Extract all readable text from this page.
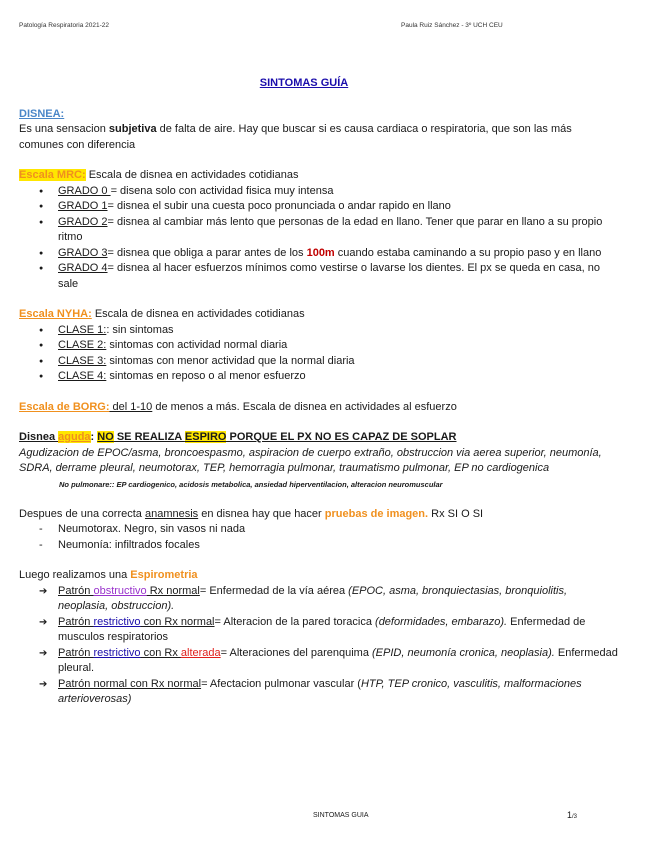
Patología Respiratoria 2021-22	Paula Ruiz Sánchez - 3º UCH CEU
SINTOMAS GUÍA
DISNEA:
Es una sensacion subjetiva de falta de aire. Hay que buscar si es causa cardiaca o respiratoria, que son las más comunes con diferencia
Escala MRC: Escala de disnea en actividades cotidianas
● GRADO 0 = disena solo con actividad fisica muy intensa
● GRADO 1= disnea el subir una cuesta poco pronunciada o andar rapido en llano
● GRADO 2= disnea al cambiar más lento que personas de la edad en llano. Tener que parar en llano a su propio ritmo
● GRADO 3= disnea que obliga a parar antes de los 100m cuando estaba caminando a su propio paso y en llano
● GRADO 4= disnea al hacer esfuerzos mínimos como vestirse o lavarse los dientes. El px se queda en casa, no sale
Escala NYHA: Escala de disnea en actividades cotidianas
● CLASE 1:: sin sintomas
● CLASE 2: sintomas con actividad normal diaria
● CLASE 3: sintomas con menor actividad que la normal diaria
● CLASE 4: sintomas en reposo o al menor esfuerzo
Escala de BORG: del 1-10 de menos a más. Escala de disnea en actividades al esfuerzo
Disnea aguda: NO SE REALIZA ESPIRO PORQUE EL PX NO ES CAPAZ DE SOPLAR
Agudizacion de EPOC/asma, broncoespasmo, aspiracion de cuerpo extraño, obstruccion via aerea superior, neumonía, SDRA, derrame pleural, neumotorax, TEP, hemorragia pulmonar, traumatismo pulmonar, EP no cardiogenica
No pulmonare:: EP cardiogenico, acidosis metabolica, ansiedad hiperventilacion, alteracion neuromuscular
Despues de una correcta anamnesis en disnea hay que hacer pruebas de imagen. Rx SI O SI
- Neumotorax. Negro, sin vasos ni nada
- Neumonía: infiltrados focales
Luego realizamos una Espirometria
➔ Patrón obstructivo Rx normal= Enfermedad de la vía aérea (EPOC, asma, bronquiectasias, bronquiolitis, neoplasia, obstruccion).
➔ Patrón restrictivo con Rx normal= Alteracion de la pared toracica (deformidades, embarazo). Enfermedad de musculos respiratorios
➔ Patrón restrictivo con Rx alterada= Alteraciones del parenquima (EPID, neumonía cronica, neoplasia). Enfermedad pleural.
➔ Patrón normal con Rx normal= Afectacion pulmonar vascular (HTP, TEP cronico, vasculitis, malformaciones arterioverosas)
SINTOMAS GUIA	1/3
